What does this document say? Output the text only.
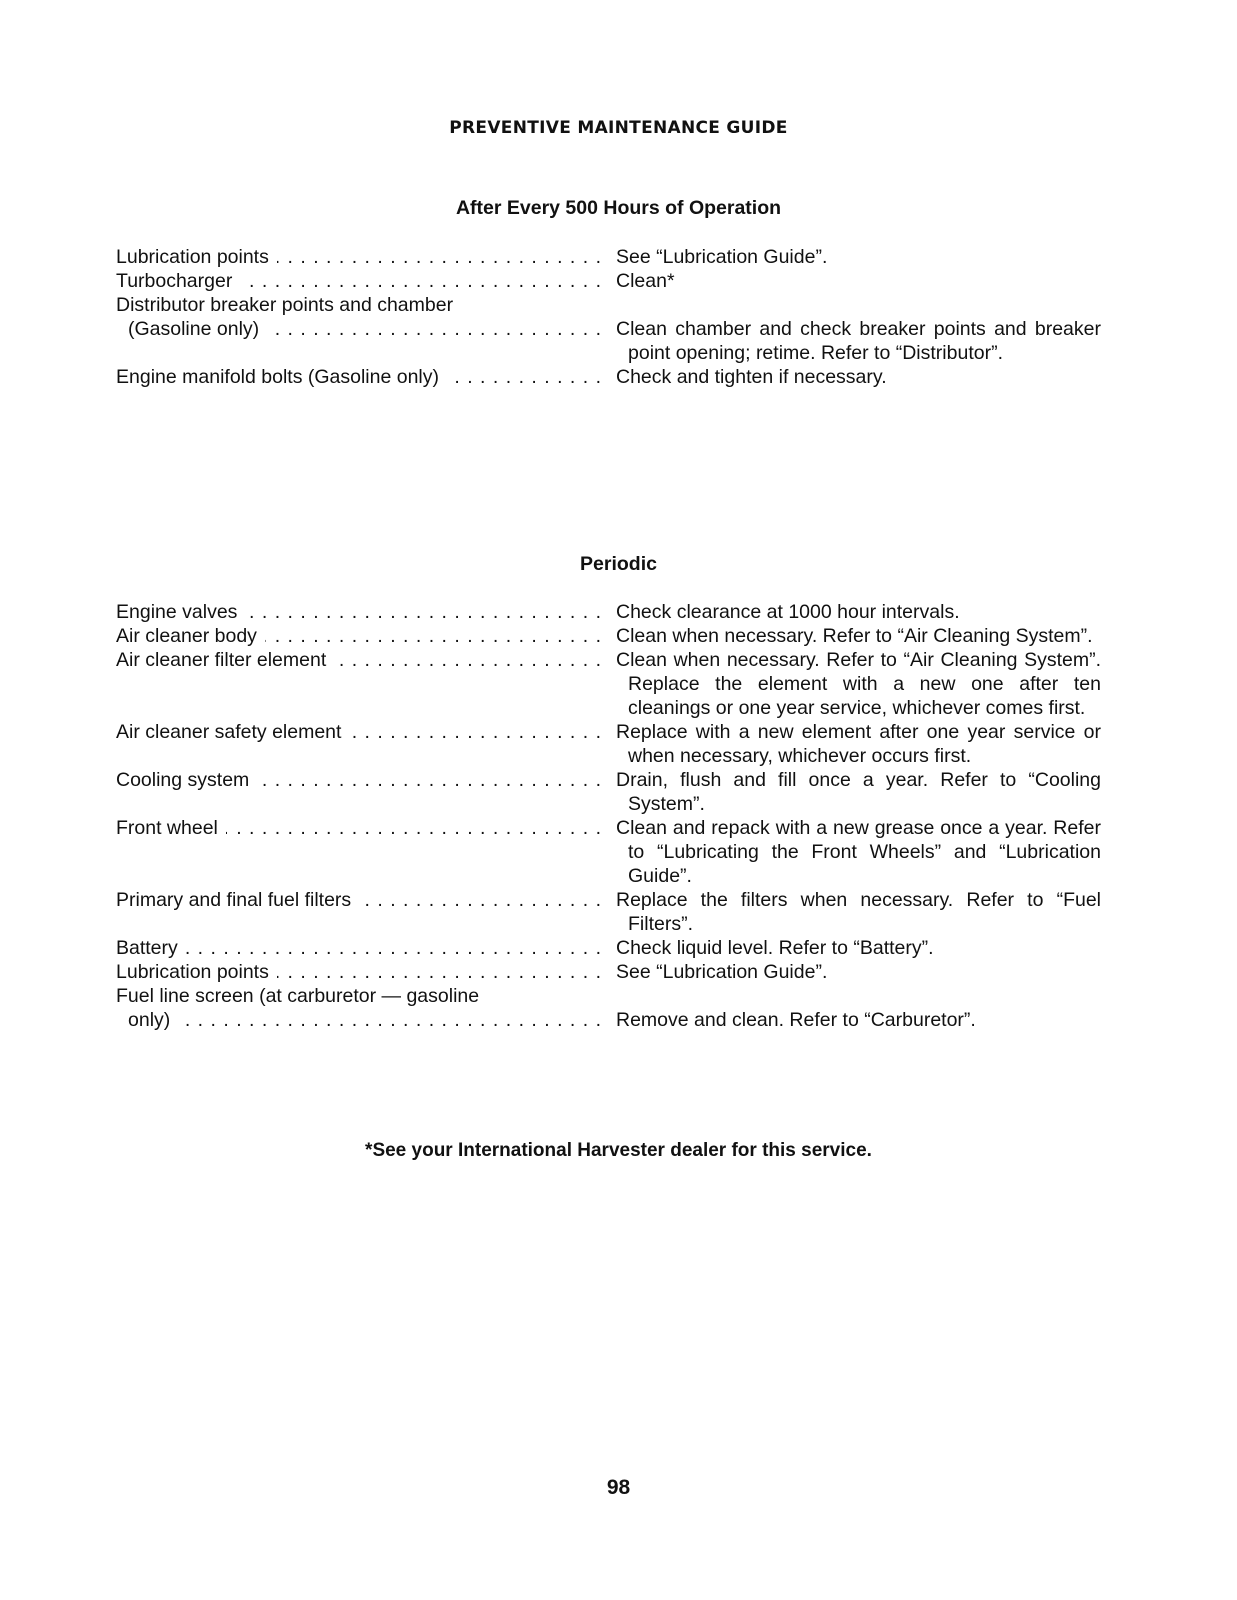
PREVENTIVE MAINTENANCE GUIDE
After Every 500 Hours of Operation
Lubrication points . . .	See “Lubrication Guide”.
Turbocharger . . .	Clean*
Distributor breaker points and chamber
(Gasoline only) . . .	Clean chamber and check breaker points and breaker point opening; retime. Refer to “Distributor”.
Engine manifold bolts (Gasoline only) . . .	Check and tighten if necessary.
Periodic
Engine valves . . .	Check clearance at 1000 hour intervals.
Air cleaner body . . .	Clean when necessary. Refer to “Air Cleaning System”.
Air cleaner filter element . . .	Clean when necessary. Refer to “Air Cleaning System”. Replace the element with a new one after ten cleanings or one year service, whichever comes first.
Air cleaner safety element . . .	Replace with a new element after one year service or when necessary, whichever occurs first.
Cooling system . . .	Drain, flush and fill once a year. Refer to “Cooling System”.
Front wheel . . .	Clean and repack with a new grease once a year. Refer to “Lubricating the Front Wheels” and “Lubrication Guide”.
Primary and final fuel filters . . .	Replace the filters when necessary. Refer to “Fuel Filters”.
Battery . . .	Check liquid level. Refer to “Battery”.
Lubrication points . . .	See “Lubrication Guide”.
Fuel line screen (at carburetor — gasoline
only) . . .	Remove and clean. Refer to “Carburetor”.
*See your International Harvester dealer for this service.
98
